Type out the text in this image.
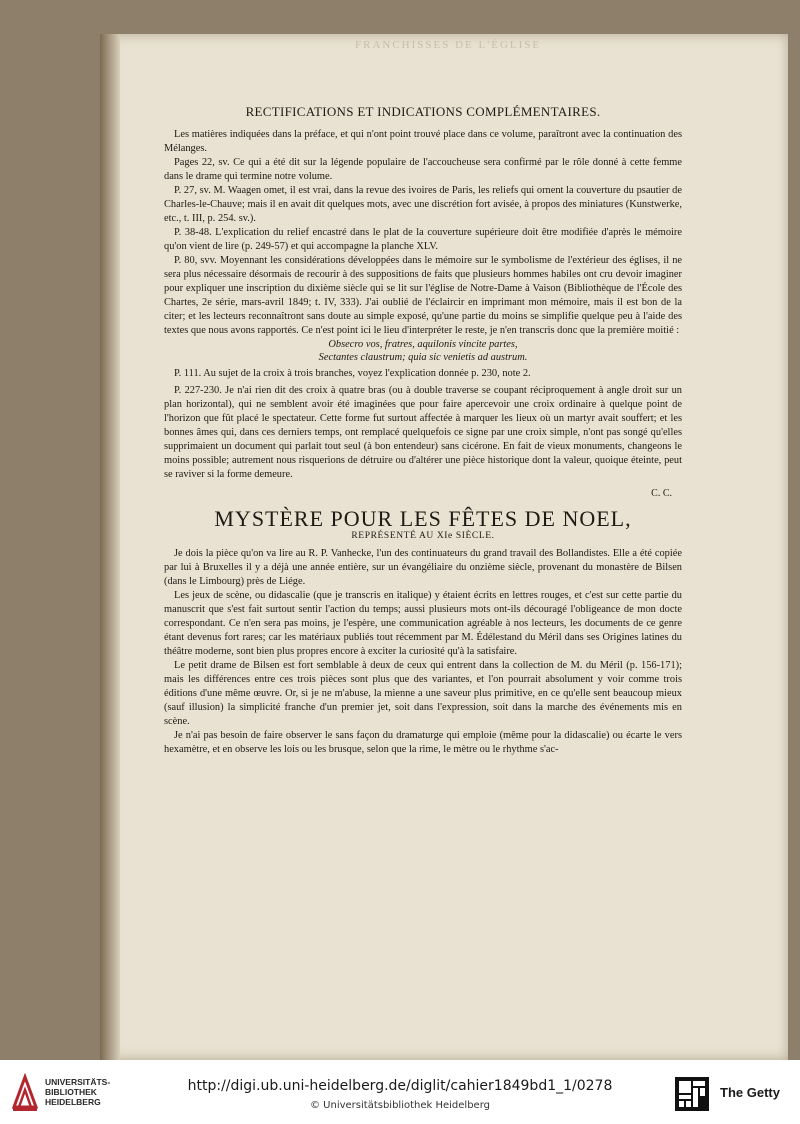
FRANCHISSES DE L'ÉGLISE
RECTIFICATIONS ET INDICATIONS COMPLÉMENTAIRES.

Les matières indiquées dans la préface, et qui n'ont point trouvé place dans ce volume, paraîtront avec la continuation des Mélanges.

Pages 22, sv. Ce qui a été dit sur la légende populaire de l'accoucheuse sera confirmé par le rôle donné à cette femme dans le drame qui termine notre volume.

P. 27, sv. M. Waagen omet, il est vrai, dans la revue des ivoires de Paris, les reliefs qui ornent la couverture du psautier de Charles-le-Chauve; mais il en avait dit quelques mots, avec une discrétion fort avisée, à propos des miniatures (Kunstwerke, etc., t. III, p. 254. sv.).

P. 38-48. L'explication du relief encastré dans le plat de la couverture supérieure doit être modifiée d'après le mémoire qu'on vient de lire (p. 249-57) et qui accompagne la planche XLV.

P. 80, svv. Moyennant les considérations développées dans le mémoire sur le symbolisme de l'extérieur des églises, il ne sera plus nécessaire désormais de recourir à des suppositions de faits que plusieurs hommes habiles ont cru devoir imaginer pour expliquer une inscription du dixième siècle qui se lit sur l'église de Notre-Dame à Vaison (Bibliothèque de l'École des Chartes, 2e série, mars-avril 1849; t. IV, 333). J'ai oublié de l'éclaircir en imprimant mon mémoire, mais il est bon de la citer; et les lecteurs reconnaîtront sans doute au simple exposé, qu'une partie du moins se simplifie quelque peu à l'aide des textes que nous avons rapportés. Ce n'est point ici le lieu d'interpréter le reste, je n'en transcris donc que la première moitié :

Obsecro vos, fratres, aquilonis vincite partes,
Sectantes claustrum; quia sic venietis ad austrum.

P. 111. Au sujet de la croix à trois branches, voyez l'explication donnée p. 230, note 2.

P. 227-230. Je n'ai rien dit des croix à quatre bras (ou à double traverse se coupant réciproquement à angle droit sur un plan horizontal), qui ne semblent avoir été imaginées que pour faire apercevoir une croix ordinaire à quelque point de l'horizon que fût placé le spectateur. Cette forme fut surtout affectée à marquer les lieux où un martyr avait souffert; et les bonnes âmes qui, dans ces derniers temps, ont remplacé quelquefois ce signe par une croix simple, n'ont pas songé qu'elles supprimaient un document qui parlait tout seul (à bon entendeur) sans cicérone. En fait de vieux monuments, changeons le moins possible; autrement nous risquerions de détruire ou d'altérer une pièce historique dont la valeur, quoique éteinte, peut se raviver si la forme demeure.

C. C.
MYSTÈRE POUR LES FÊTES DE NOEL,
REPRÉSENTÉ AU XIe SIÈCLE.

Je dois la pièce qu'on va lire au R. P. Vanhecke, l'un des continuateurs du grand travail des Bollandistes. Elle a été copiée par lui à Bruxelles il y a déjà une année entière, sur un évangéliaire du onzième siècle, provenant du monastère de Bilsen (dans le Limbourg) près de Liége.

Les jeux de scène, ou didascalie (que je transcris en italique) y étaient écrits en lettres rouges, et c'est sur cette partie du manuscrit que s'est fait surtout sentir l'action du temps; aussi plusieurs mots ont-ils découragé l'obligeance de mon docte correspondant. Ce n'en sera pas moins, je l'espère, une communication agréable à nos lecteurs, les documents de ce genre étant devenus fort rares; car les matériaux publiés tout récemment par M. Édélestand du Méril dans ses Origines latines du théâtre moderne, sont bien plus propres encore à exciter la curiosité qu'à la satisfaire.

Le petit drame de Bilsen est fort semblable à deux de ceux qui entrent dans la collection de M. du Méril (p. 156-171); mais les différences entre ces trois pièces sont plus que des variantes, et l'on pourrait absolument y voir comme trois éditions d'une même œuvre. Or, si je ne m'abuse, la mienne a une saveur plus primitive, en ce qu'elle sent beaucoup mieux (sauf illusion) la simplicité franche d'un premier jet, soit dans l'expression, soit dans la marche des événements mis en scène.

Je n'ai pas besoin de faire observer le sans façon du dramaturge qui emploie (même pour la didascalie) ou écarte le vers hexamètre, et en observe les lois ou les brusque, selon que la rime, le mètre ou le rhythme s'ac-

UNIVERSITÄTS-
BIBLIOTHEK
HEIDELBERG
http://digi.ub.uni-heidelberg.de/diglit/cahier1849bd1_1/0278
© Universitätsbibliothek Heidelberg	GETTY
The Getty
